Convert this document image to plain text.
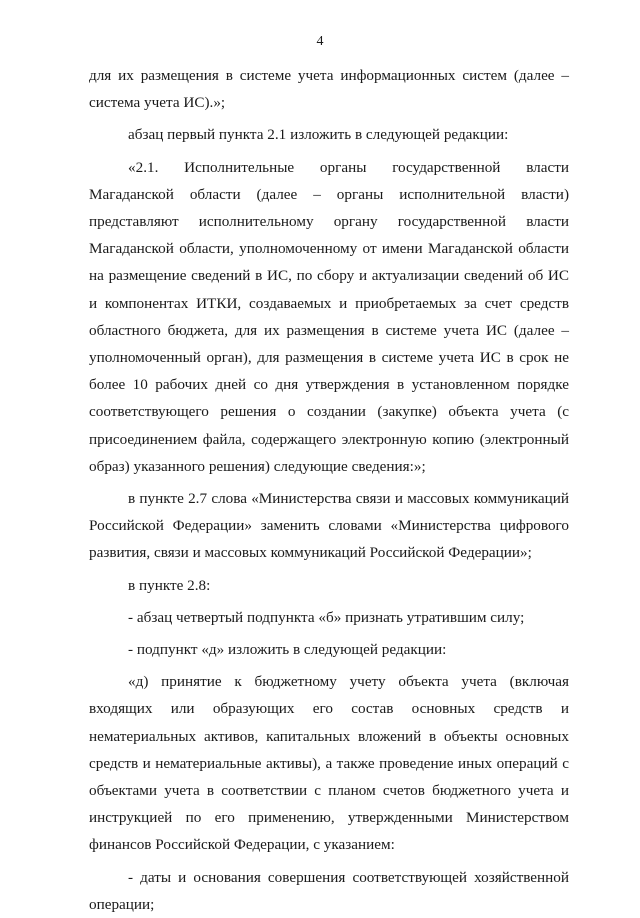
4

для их размещения в системе учета информационных систем (далее – система учета ИС).»;

абзац первый пункта 2.1 изложить в следующей редакции:

«2.1. Исполнительные органы государственной власти Магаданской области (далее – органы исполнительной власти) представляют исполнительному органу государственной власти Магаданской области, уполномоченному от имени Магаданской области на размещение сведений в ИС, по сбору и актуализации сведений об ИС и компонентах ИТКИ, создаваемых и приобретаемых за счет средств областного бюджета, для их размещения в системе учета ИС (далее – уполномоченный орган), для размещения в системе учета ИС в срок не более 10 рабочих дней со дня утверждения в установленном порядке соответствующего решения о создании (закупке) объекта учета (с присоединением файла, содержащего электронную копию (электронный образ) указанного решения) следующие сведения:»;

в пункте 2.7 слова «Министерства связи и массовых коммуникаций Российской Федерации» заменить словами «Министерства цифрового развития, связи и массовых коммуникаций Российской Федерации»;

в пункте 2.8:

- абзац четвертый подпункта «б» признать утратившим силу;

- подпункт «д» изложить в следующей редакции:

«д) принятие к бюджетному учету объекта учета (включая входящих или образующих его состав основных средств и нематериальных активов, капитальных вложений в объекты основных средств и нематериальные активы), а также проведение иных операций с объектами учета в соответствии с планом счетов бюджетного учета и инструкцией по его применению, утвержденными Министерством финансов Российской Федерации, с указанием:

- даты и основания совершения соответствующей хозяйственной операции;
